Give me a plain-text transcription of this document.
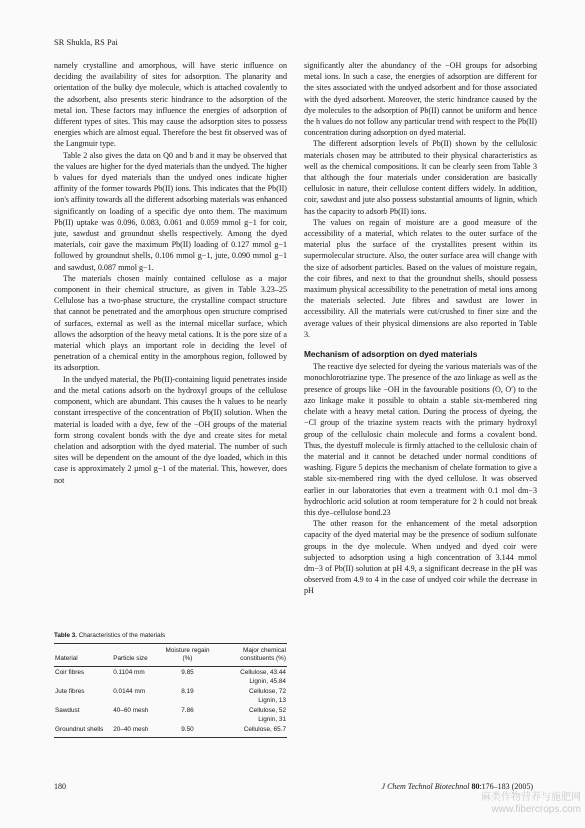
SR Shukla, RS Pai

namely crystalline and amorphous, will have steric influence on deciding the availability of sites for adsorption. The planarity and orientation of the bulky dye molecule, which is attached covalently to the adsorbent, also presents steric hindrance to the adsorption of the metal ion. These factors may influence the energies of adsorption of different types of sites. This may cause the adsorption sites to possess energies which are almost equal. Therefore the best fit observed was of the Langmuir type.

Table 2 also gives the data on Q0 and b and it may be observed that the values are higher for the dyed materials than the undyed. The higher b values for dyed materials than the undyed ones indicate higher affinity of the former towards Pb(II) ions. This indicates that the Pb(II) ion's affinity towards all the different adsorbing materials was enhanced significantly on loading of a specific dye onto them. The maximum Pb(II) uptake was 0.096, 0.083, 0.061 and 0.059 mmol g−1 for coir, jute, sawdust and groundnut shells respectively. Among the dyed materials, coir gave the maximum Pb(II) loading of 0.127 mmol g−1 followed by groundnut shells, 0.106 mmol g−1, jute, 0.090 mmol g−1 and sawdust, 0.087 mmol g−1.

The materials chosen mainly contained cellulose as a major component in their chemical structure, as given in Table 3.23–25 Cellulose has a two-phase structure, the crystalline compact structure that cannot be penetrated and the amorphous open structure comprised of surfaces, external as well as the internal micellar surface, which allows the adsorption of the heavy metal cations. It is the pore size of a material which plays an important role in deciding the level of penetration of a chemical entity in the amorphous region, followed by its adsorption.

In the undyed material, the Pb(II)-containing liquid penetrates inside and the metal cations adsorb on the hydroxyl groups of the cellulose component, which are abundant. This causes the h values to be nearly constant irrespective of the concentration of Pb(II) solution. When the material is loaded with a dye, few of the −OH groups of the material form strong covalent bonds with the dye and create sites for metal chelation and adsorption with the dyed material. The number of such sites will be dependent on the amount of the dye loaded, which in this case is approximately 2 µmol g−1 of the material. This, however, does not

Table 3. Characteristics of the materials
Material	Particle size	Moisture regain (%)	Major chemical constituents (%)
Coir fibres	0.1104 mm	9.85	Cellulose, 43.44
			Lignin, 45.84
Jute fibres	0.0144 mm	8.19	Cellulose, 72
			Lignin, 13
Sawdust	40–60 mesh	7.86	Cellulose, 52
			Lignin, 31
Groundnut shells	20–40 mesh	9.50	Cellulose, 65.7

significantly alter the abundancy of the −OH groups for adsorbing metal ions. In such a case, the energies of adsorption are different for the sites associated with the undyed adsorbent and for those associated with the dyed adsorbent. Moreover, the steric hindrance caused by the dye molecules to the adsorption of Pb(II) cannot be uniform and hence the h values do not follow any particular trend with respect to the Pb(II) concentration during adsorption on dyed material.

The different adsorption levels of Pb(II) shown by the cellulosic materials chosen may be attributed to their physical characteristics as well as the chemical compositions. It can be clearly seen from Table 3 that although the four materials under consideration are basically cellulosic in nature, their cellulose content differs widely. In addition, coir, sawdust and jute also possess substantial amounts of lignin, which has the capacity to adsorb Pb(II) ions.

The values on regain of moisture are a good measure of the accessibility of a material, which relates to the outer surface of the material plus the surface of the crystallites present within its supermolecular structure. Also, the outer surface area will change with the size of adsorbent particles. Based on the values of moisture regain, the coir fibres, and next to that the groundnut shells, should possess maximum physical accessibility to the penetration of metal ions among the materials selected. Jute fibres and sawdust are lower in accessibility. All the materials were cut/crushed to finer size and the average values of their physical dimensions are also reported in Table 3.

Mechanism of adsorption on dyed materials

The reactive dye selected for dyeing the various materials was of the monochlorotriazine type. The presence of the azo linkage as well as the presence of groups like −OH in the favourable positions (O, O′) to the azo linkage make it possible to obtain a stable six-membered ring chelate with a heavy metal cation. During the process of dyeing, the −Cl group of the triazine system reacts with the primary hydroxyl group of the cellulosic chain molecule and forms a covalent bond. Thus, the dyestuff molecule is firmly attached to the cellulosic chain of the material and it cannot be detached under normal conditions of washing. Figure 5 depicts the mechanism of chelate formation to give a stable six-membered ring with the dyed cellulose. It was observed earlier in our laboratories that even a treatment with 0.1 mol dm−3 hydrochloric acid solution at room temperature for 2 h could not break this dye–cellulose bond.23

The other reason for the enhancement of the metal adsorption capacity of the dyed material may be the presence of sodium sulfonate groups in the dye molecule. When undyed and dyed coir were subjected to adsorption using a high concentration of 3.144 mmol dm−3 of Pb(II) solution at pH 4.9, a significant decrease in the pH was observed from 4.9 to 4 in the case of undyed coir while the decrease in pH

180	J Chem Technol Biotechnol 80:176–183 (2005)
麻类作物营养与施肥网
www.fibercrops.com
